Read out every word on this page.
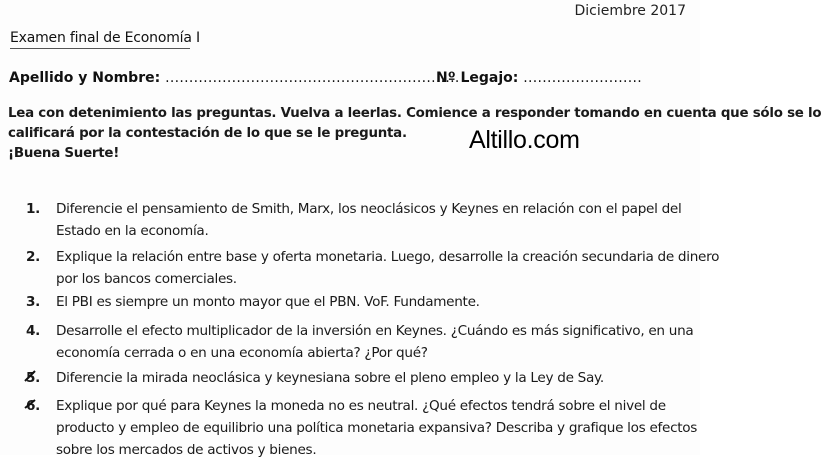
Diciembre 2017
Examen final de Economía I
Apellido y Nombre: ..............................................................
Nº Legajo: .........................
Lea con detenimiento las preguntas. Vuelva a leerlas. Comience a responder tomando en cuenta que sólo se lo
calificará por la contestación de lo que se le pregunta.
¡Buena Suerte!	Altillo.com
1. Diferencie el pensamiento de Smith, Marx, los neoclásicos y Keynes en relación con el papel del
Estado en la economía.
2. Explique la relación entre base y oferta monetaria. Luego, desarrolle la creación secundaria de dinero
por los bancos comerciales.
3. El PBI es siempre un monto mayor que el PBN. VoF. Fundamente.
4. Desarrolle el efecto multiplicador de la inversión en Keynes. ¿Cuándo es más significativo, en una
economía cerrada o en una economía abierta? ¿Por qué?
5. Diferencie la mirada neoclásica y keynesiana sobre el pleno empleo y la Ley de Say.
6. Explique por qué para Keynes la moneda no es neutral. ¿Qué efectos tendrá sobre el nivel de
producto y empleo de equilibrio una política monetaria expansiva? Describa y grafique los efectos
sobre los mercados de activos y bienes.
